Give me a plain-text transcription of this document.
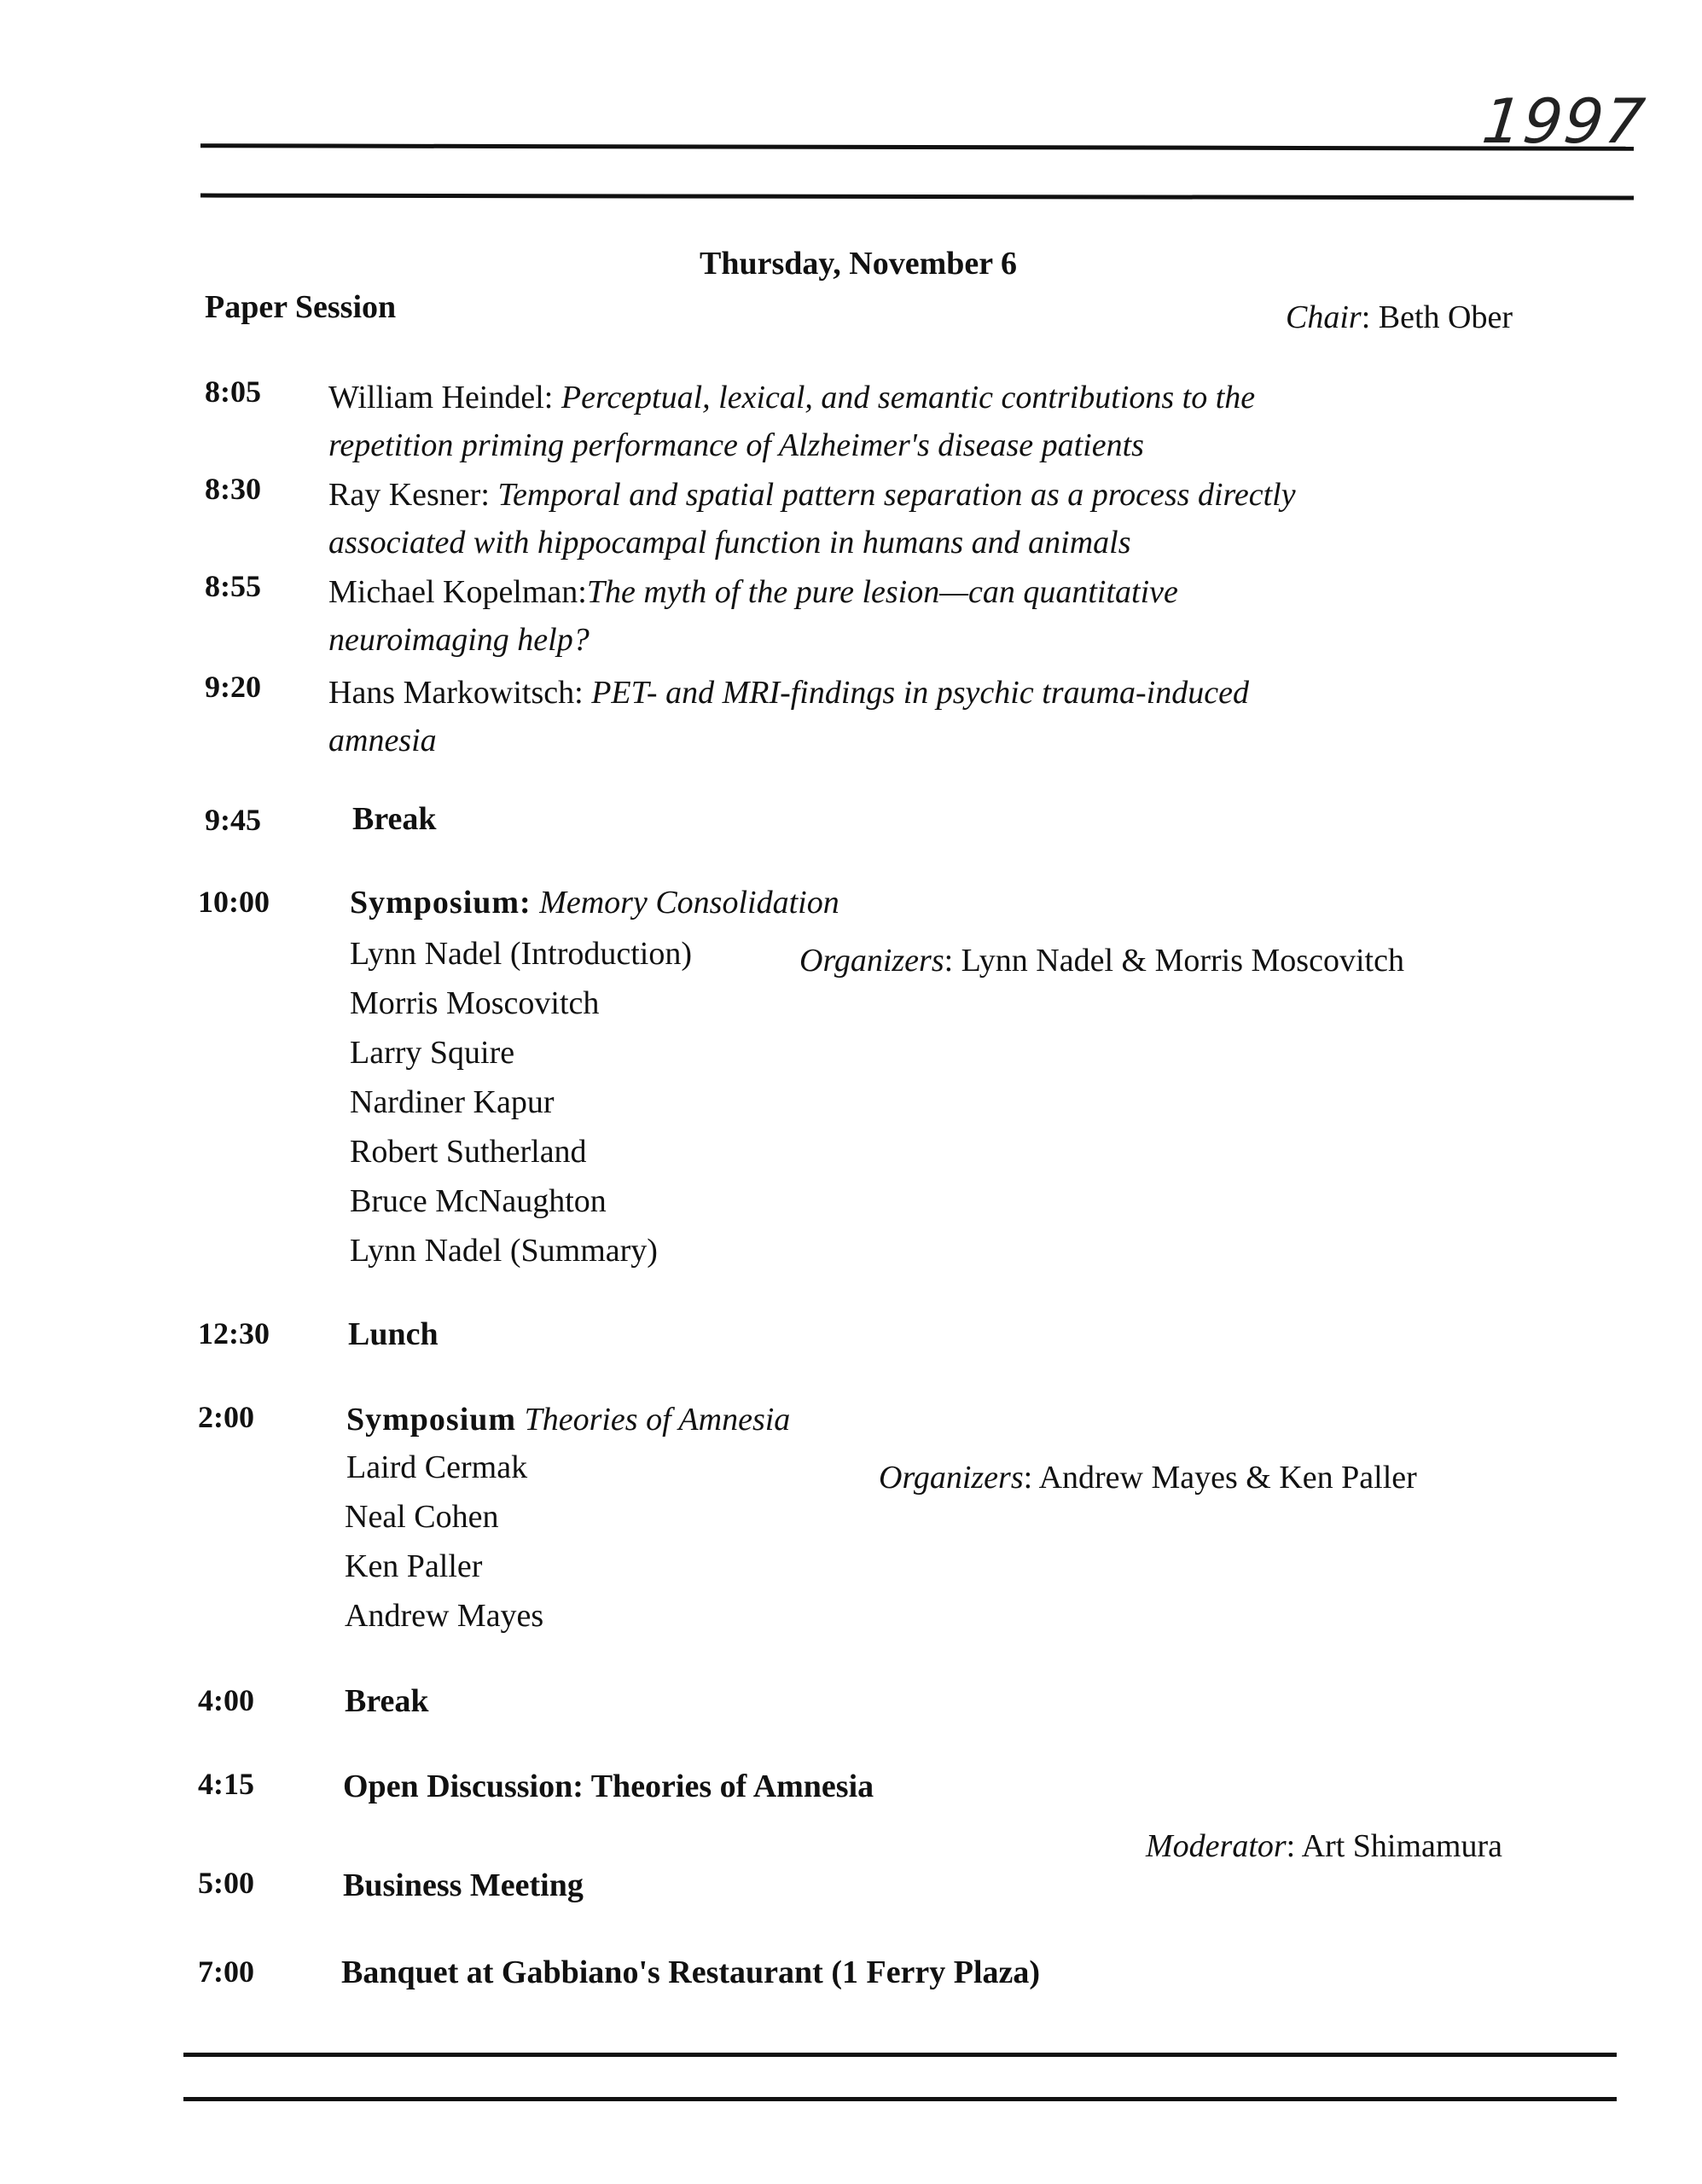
1997
Thursday, November 6
Paper Session	Chair: Beth Ober
8:05 William Heindel: Perceptual, lexical, and semantic contributions to the
repetition priming performance of Alzheimer's disease patients
8:30 Ray Kesner: Temporal and spatial pattern separation as a process directly
associated with hippocampal function in humans and animals
8:55 Michael Kopelman:The myth of the pure lesion—can quantitative
neuroimaging help?
9:20 Hans Markowitsch: PET- and MRI-findings in psychic trauma-induced
amnesia
9:45	Break
10:00 Symposium: Memory Consolidation
Organizers: Lynn Nadel & Morris Moscovitch
Lynn Nadel (Introduction)
Morris Moscovitch
Larry Squire
Nardiner Kapur
Robert Sutherland
Bruce McNaughton
Lynn Nadel (Summary)
12:30 Lunch
2:00	Symposium Theories of Amnesia
Organizers: Andrew Mayes & Ken Paller
Laird Cermak
Neal Cohen
Ken Paller
Andrew Mayes
4:00	Break
4:15	Open Discussion: Theories of Amnesia
Moderator: Art Shimamura
5:00	Business Meeting
7:00	Banquet at Gabbiano's Restaurant (1 Ferry Plaza)
